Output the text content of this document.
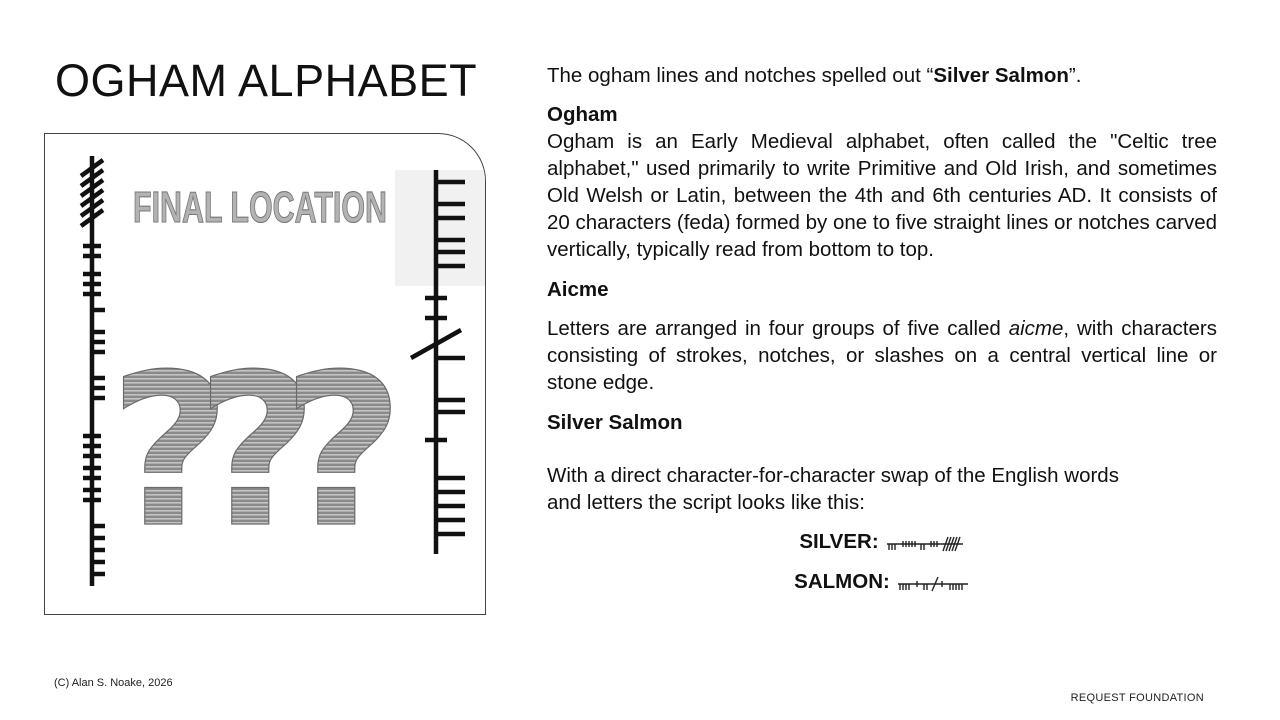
OGHAM ALPHABET
FINAL LOCATION
?
?
?

The ogham lines and notches spelled out “Silver Salmon”.

Ogham

Ogham is an Early Medieval alphabet, often called the "Celtic tree alphabet," used primarily to write Primitive and Old Irish, and sometimes Old Welsh or Latin, between the 4th and 6th centuries AD. It consists of 20 characters (feda) formed by one to five straight lines or notches carved vertically, typically read from bottom to top.

Aicme

Letters are arranged in four groups of five called aicme, with characters consisting of strokes, notches, or slashes on a central vertical line or stone edge.

Silver Salmon

With a direct character-for-character swap of the English words and letters the script looks like this:

SILVER:
SALMON:
(C) Alan S. Noake, 2026
REQUEST FOUNDATION
